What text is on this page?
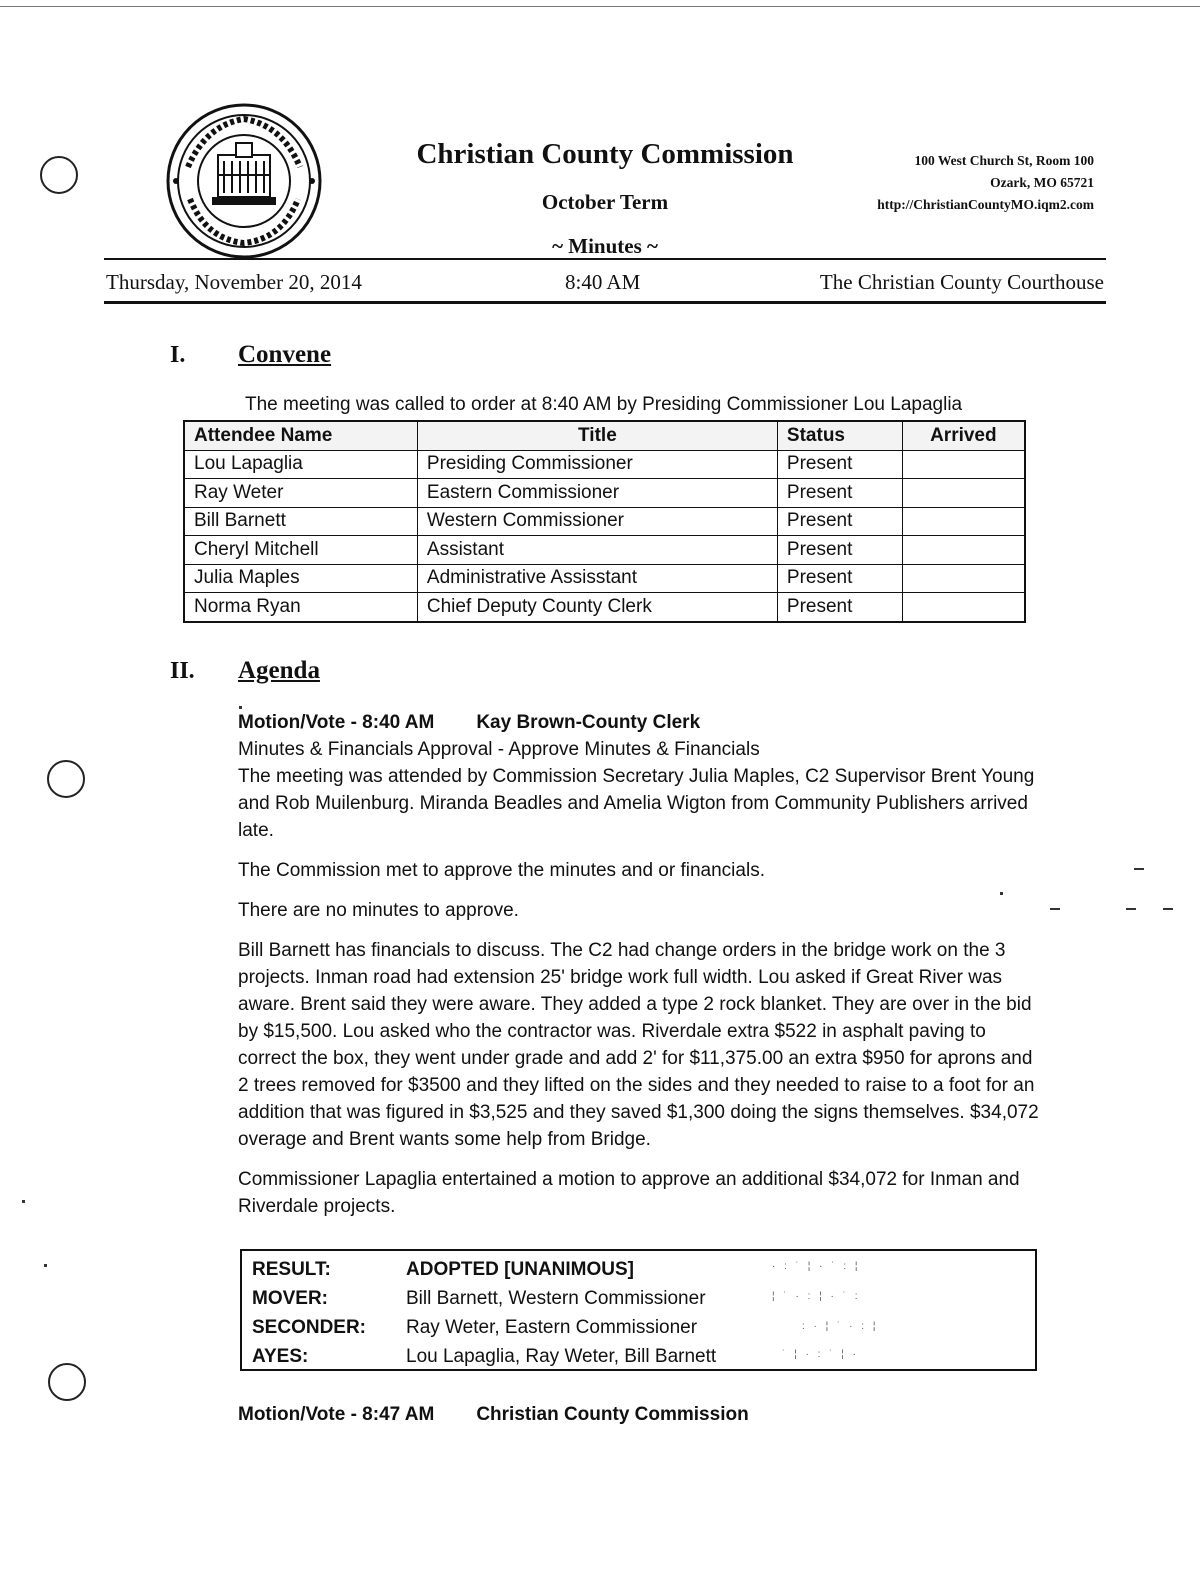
Christian County Commission
October Term
~ Minutes ~
100 West Church St, Room 100
Ozark, MO 65721
http://ChristianCountyMO.iqm2.com
Thursday, November 20, 2014	8:40 AM	The Christian County Courthouse
I. Convene
The meeting was called to order at 8:40 AM by Presiding Commissioner Lou Lapaglia
Attendee Name	Title	Status	Arrived
Lou Lapaglia	Presiding Commissioner	Present	
Ray Weter	Eastern Commissioner	Present	
Bill Barnett	Western Commissioner	Present	
Cheryl Mitchell	Assistant	Present	
Julia Maples	Administrative Assisstant	Present	
Norma Ryan	Chief Deputy County Clerk	Present	
II. Agenda
Motion/Vote - 8:40 AM Kay Brown-County Clerk
Minutes & Financials Approval - Approve Minutes & Financials

The meeting was attended by Commission Secretary Julia Maples, C2 Supervisor Brent Young and Rob Muilenburg. Miranda Beadles and Amelia Wigton from Community Publishers arrived late.

The Commission met to approve the minutes and or financials.

There are no minutes to approve.

Bill Barnett has financials to discuss. The C2 had change orders in the bridge work on the 3 projects. Inman road had extension 25' bridge work full width. Lou asked if Great River was aware. Brent said they were aware. They added a type 2 rock blanket. They are over in the bid by $15,500. Lou asked who the contractor was. Riverdale extra $522 in asphalt paving to correct the box, they went under grade and add 2' for $11,375.00 an extra $950 for aprons and 2 trees removed for $3500 and they lifted on the sides and they needed to raise to a foot for an addition that was figured in $3,525 and they saved $1,300 doing the signs themselves. $34,072 overage and Brent wants some help from Bridge.

Commissioner Lapaglia entertained a motion to approve an additional $34,072 for Inman and Riverdale projects.

RESULT:	ADOPTED [UNANIMOUS]
MOVER:	Bill Barnett, Western Commissioner
SECONDER: Ray Weter, Eastern Commissioner
AYES:	Lou Lapaglia, Ray Weter, Bill Barnett
· : ˙ ¦ · ˙ : ¦
¦ ˙ · : ¦ · ˙ :
: · ¦ ˙ · : ¦
˙ ¦ · : ˙ ¦ ·
Motion/Vote - 8:47 AM Christian County Commission
